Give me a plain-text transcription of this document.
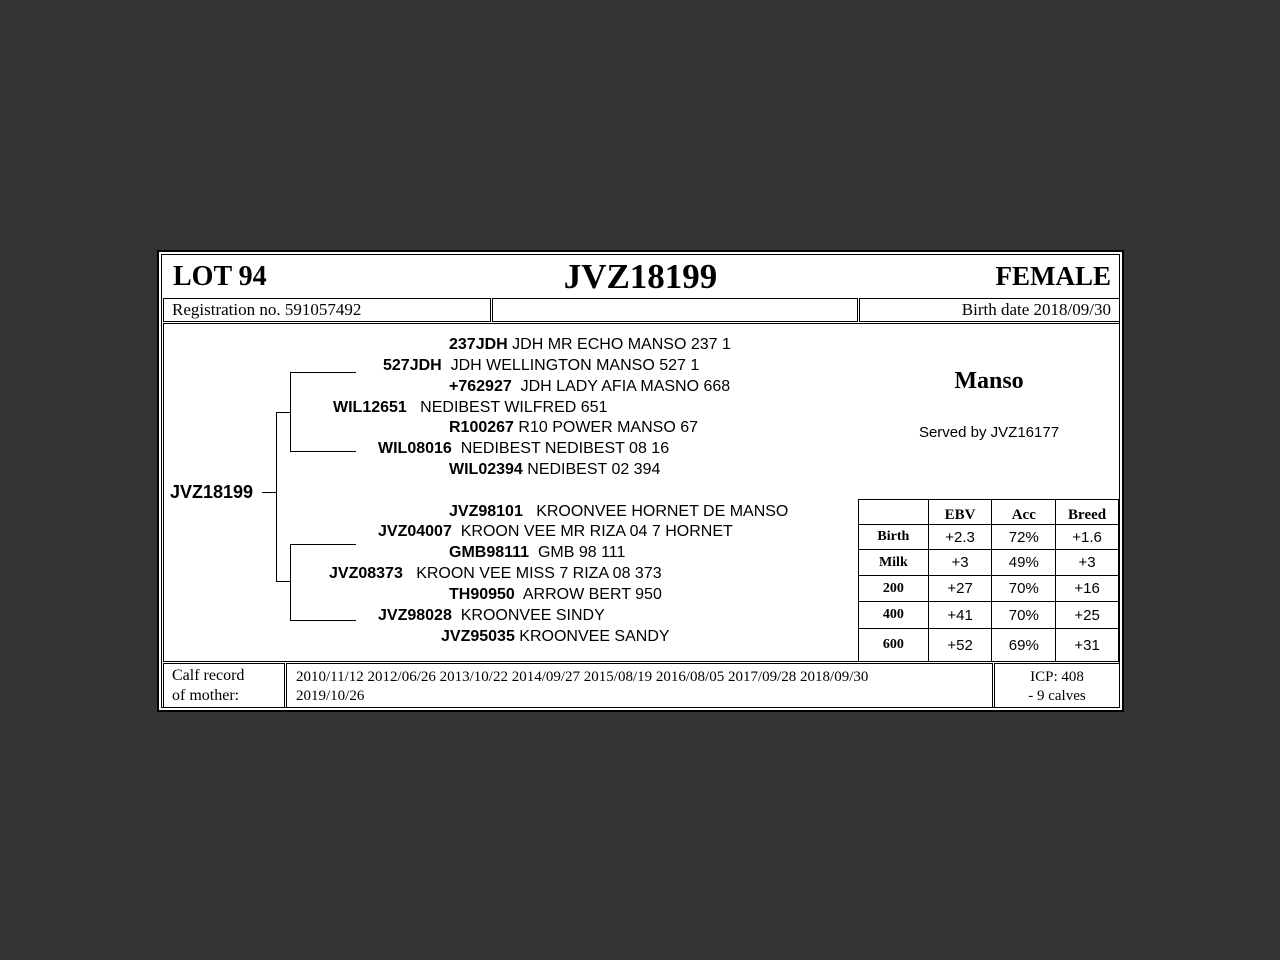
LOT 94	JVZ18199	FEMALE
Registration no. 591057492	Birth date 2018/09/30
JVZ18199
237JDH JDH MR ECHO MANSO 237 1
527JDH JDH WELLINGTON MANSO 527 1
+762927 JDH LADY AFIA MASNO 668
WIL12651 NEDIBEST WILFRED 651
R100267 R10 POWER MANSO 67
WIL08016 NEDIBEST NEDIBEST 08 16
WIL02394 NEDIBEST 02 394
JVZ98101 KROONVEE HORNET DE MANSO
JVZ04007 KROON VEE MR RIZA 04 7 HORNET
GMB98111 GMB 98 111
JVZ08373 KROON VEE MISS 7 RIZA 08 373
TH90950 ARROW BERT 950
JVZ98028 KROONVEE SINDY
JVZ95035 KROONVEE SANDY
Manso
Served by JVZ16177
	EBV	Acc	Breed
Birth	+2.3	72%	+1.6
Milk	+3	49%	+3
200	+27	70%	+16
400	+41	70%	+25
600	+52	69%	+31
Calf record
of mother:
2010/11/12 2012/06/26 2013/10/22 2014/09/27 2015/08/19 2016/08/05 2017/09/28 2018/09/30
2019/10/26
ICP: 408
- 9 calves
